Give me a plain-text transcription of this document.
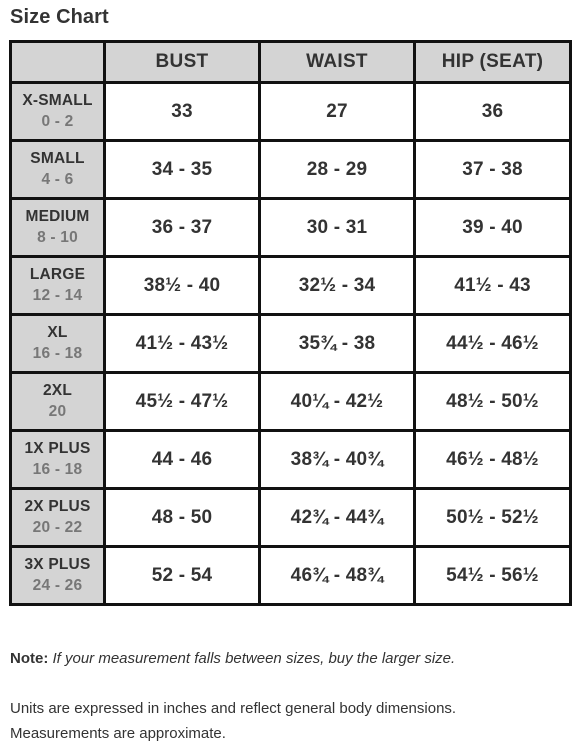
Size Chart
	BUST	WAIST	HIP (SEAT)

X-SMALL
0 - 2	33	27	36

SMALL
4 - 6	34 - 35	28 - 29	37 - 38

MEDIUM
8 - 10	36 - 37	30 - 31	39 - 40

LARGE
12 - 14	38½ - 40	32½ - 34	41½ - 43

XL
16 - 18	41½ - 43½	35¾ - 38	44½ - 46½

2XL
20	45½ - 47½	40¼ - 42½	48½ - 50½

1X PLUS
16 - 18	44 - 46	38¾ - 40¾	46½ - 48½

2X PLUS
20 - 22	48 - 50	42¾ - 44¾	50½ - 52½

3X PLUS
24 - 26	52 - 54	46¾ - 48¾	54½ - 56½
Note: If your measurement falls between sizes, buy the larger size.
Units are expressed in inches and reflect general body dimensions.
Measurements are approximate.
